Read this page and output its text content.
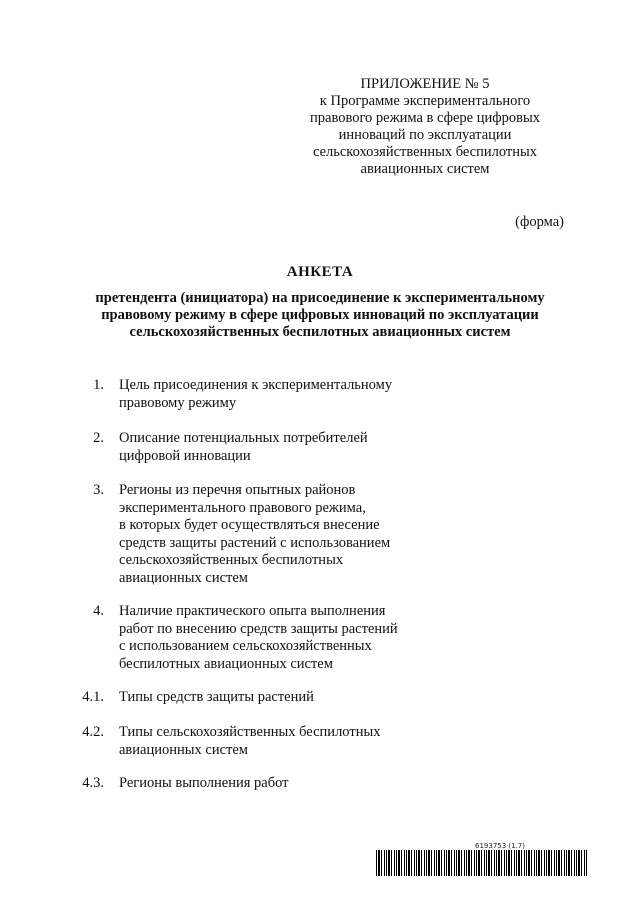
ПРИЛОЖЕНИЕ № 5
к Программе экспериментального
правового режима в сфере цифровых
инноваций по эксплуатации
сельскохозяйственных беспилотных
авиационных систем
(форма)
АНКЕТА
претендента (инициатора) на присоединение к экспериментальному
правовому режиму в сфере цифровых инноваций по эксплуатации
сельскохозяйственных беспилотных авиационных систем
1. Цель присоединения к экспериментальному
правовому режиму
2. Описание потенциальных потребителей
цифровой инновации
3. Регионы из перечня опытных районов
экспериментального правового режима,
в которых будет осуществляться внесение
средств защиты растений с использованием
сельскохозяйственных беспилотных
авиационных систем
4. Наличие практического опыта выполнения
работ по внесению средств защиты растений
с использованием сельскохозяйственных
беспилотных авиационных систем
4.1. Типы средств защиты растений
4.2. Типы сельскохозяйственных беспилотных
авиационных систем
4.3. Регионы выполнения работ
6193753 (1.7)
